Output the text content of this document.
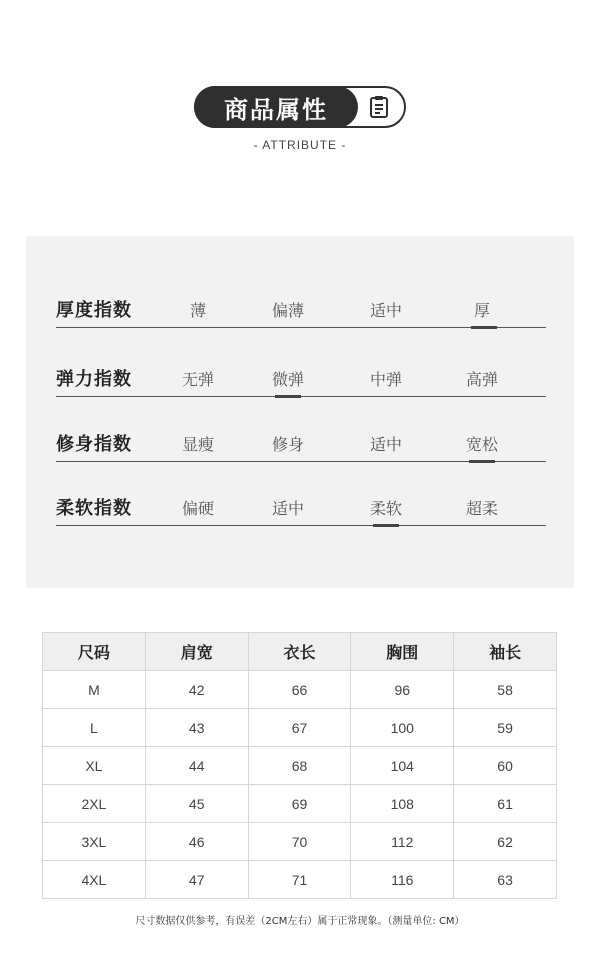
商品属性
- ATTRIBUTE -
厚度指数	薄	偏薄	适中	厚
弹力指数	无弹	微弹	中弹	高弹
修身指数	显瘦	修身	适中	宽松
柔软指数	偏硬	适中	柔软	超柔
尺码	肩宽	衣长	胸围	袖长
M	42	66	96	58
L	43	67	100	59
XL	44	68	104	60
2XL	45	69	108	61
3XL	46	70	112	62
4XL	47	71	116	63
尺寸数据仅供参考，有误差（2CM左右）属于正常现象。（测量单位: CM）
